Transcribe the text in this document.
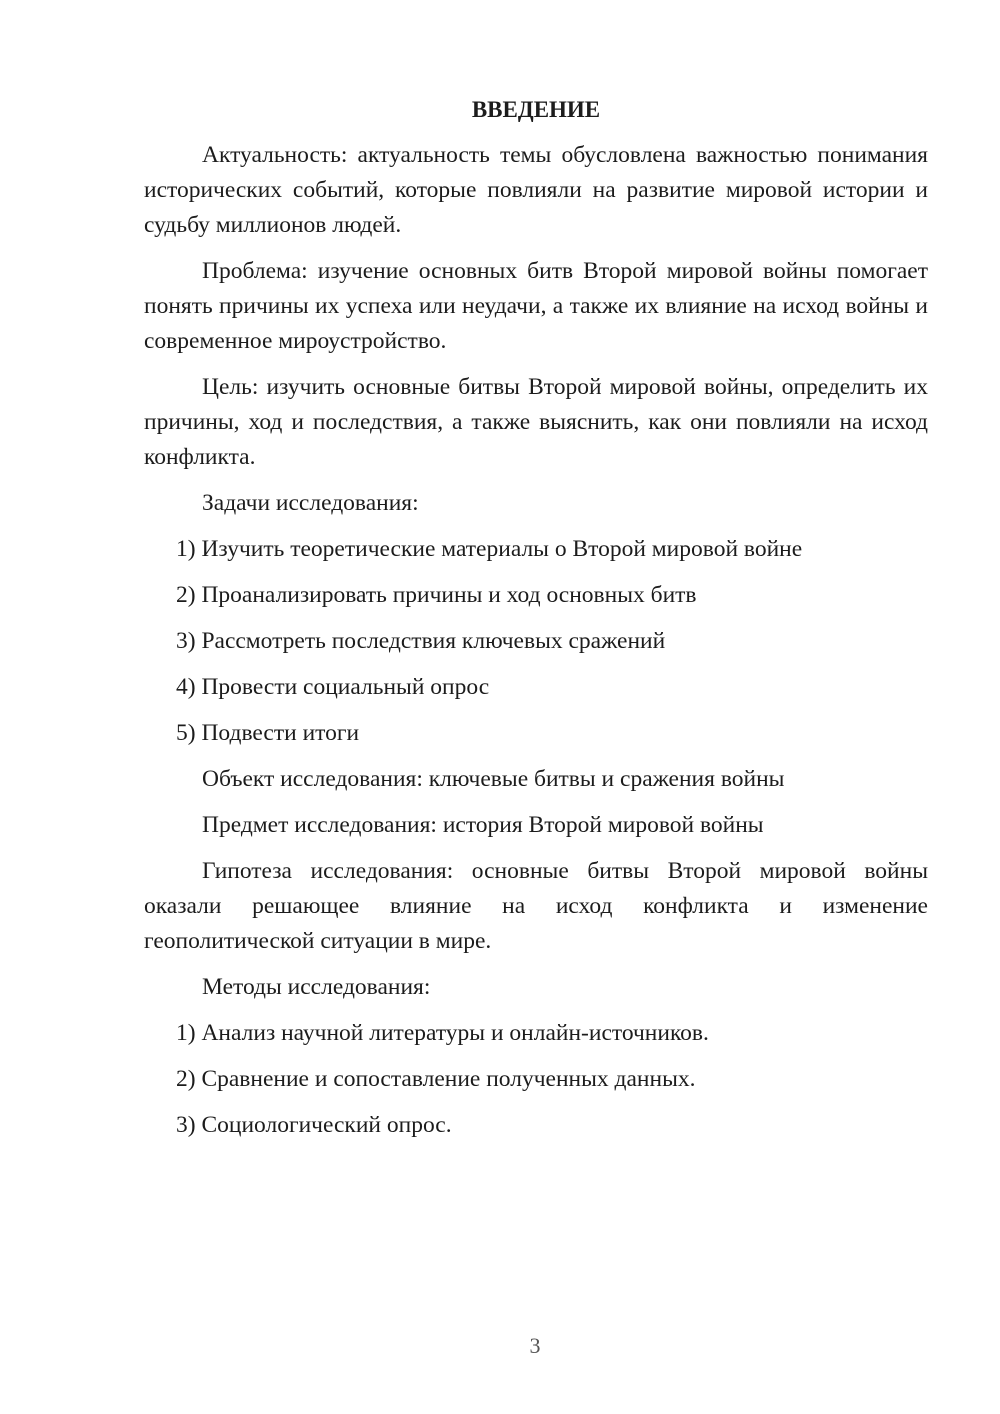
ВВЕДЕНИЕ

Актуальность: актуальность темы обусловлена важностью понимания исторических событий, которые повлияли на развитие мировой истории и судьбу миллионов людей.

Проблема: изучение основных битв Второй мировой войны помогает понять причины их успеха или неудачи, а также их влияние на исход войны и современное мироустройство.

Цель: изучить основные битвы Второй мировой войны, определить их причины, ход и последствия, а также выяснить, как они повлияли на исход конфликта.

Задачи исследования:
1) Изучить теоретические материалы о Второй мировой войне
2) Проанализировать причины и ход основных битв
3) Рассмотреть последствия ключевых сражений
4) Провести социальный опрос
5) Подвести итоги
Объект исследования: ключевые битвы и сражения войны
Предмет исследования: история Второй мировой войны

Гипотеза исследования: основные битвы Второй мировой войны оказали решающее влияние на исход конфликта и изменение геополитической ситуации в мире.

Методы исследования:
1) Анализ научной литературы и онлайн-источников.
2) Сравнение и сопоставление полученных данных.
3) Социологический опрос.
3
